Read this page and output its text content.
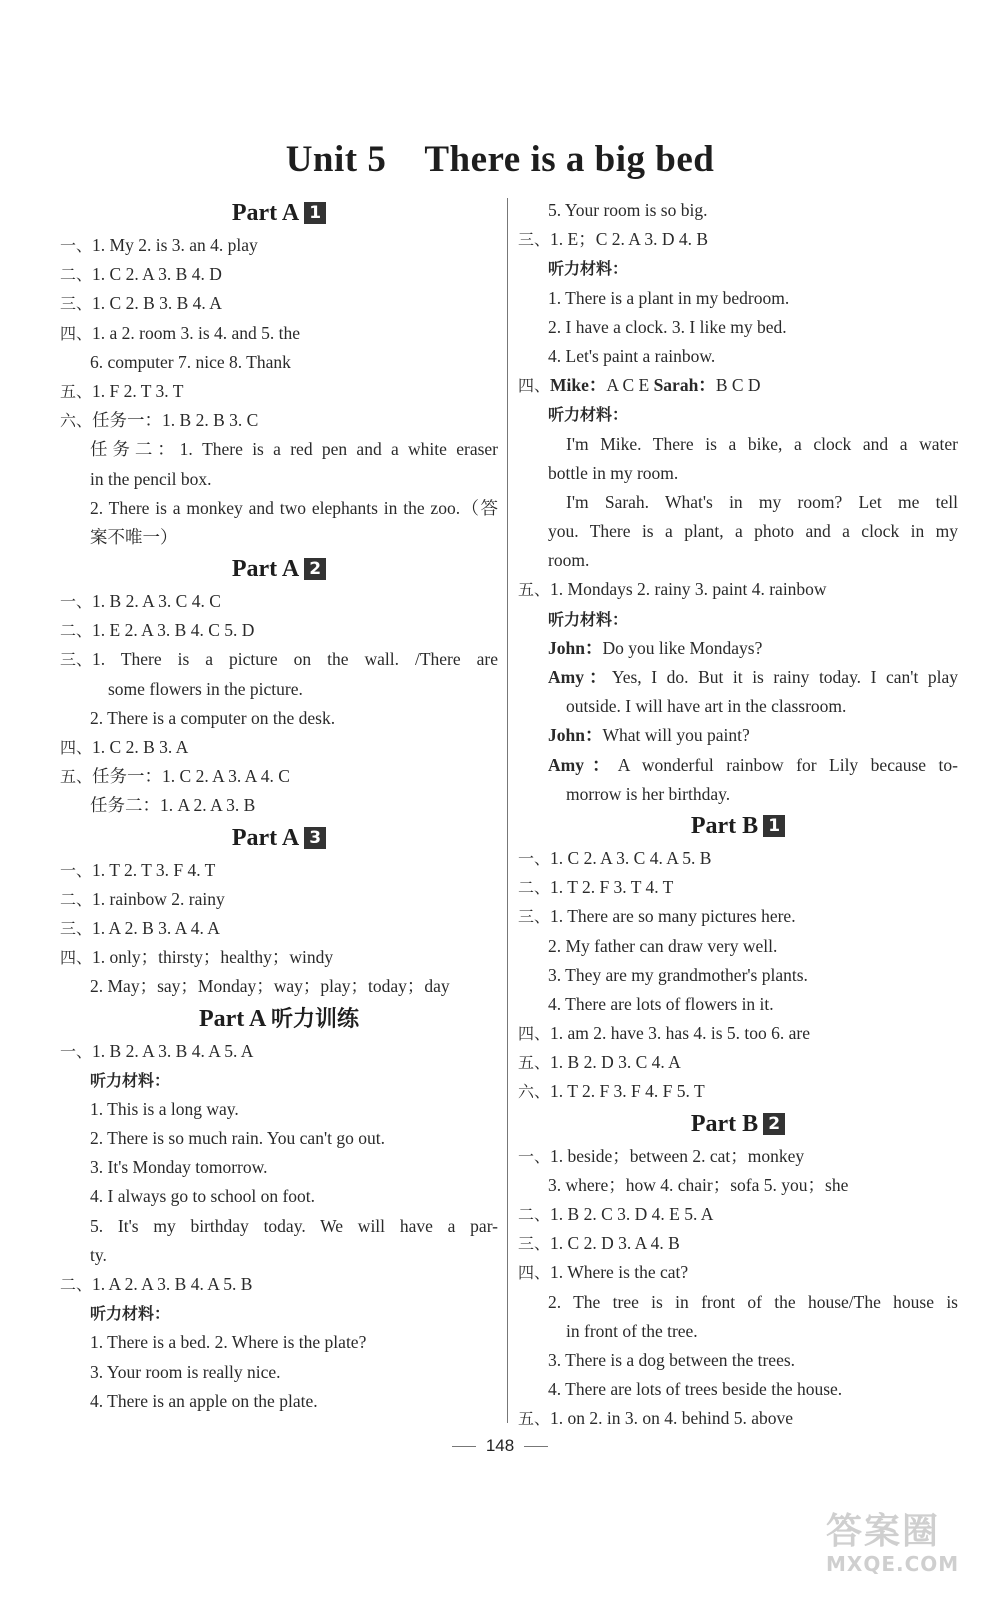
Unit 5 There is a big bed
Part A 1
一、1. My 2. is 3. an 4. play
二、1. C 2. A 3. B 4. D
三、1. C 2. B 3. B 4. A
四、1. a 2. room 3. is 4. and 5. the
6. computer 7. nice 8. Thank
五、1. F 2. T 3. T
六、任务一：1. B 2. B 3. C
任务二：1. There is a red pen and a white eraser
in the pencil box.
2. There is a monkey and two elephants in the zoo.（答
案不唯一）
Part A 2
一、1. B 2. A 3. C 4. C
二、1. E 2. A 3. B 4. C 5. D
三、1. There is a picture on the wall. /There are
some flowers in the picture.
2. There is a computer on the desk.
四、1. C 2. B 3. A
五、任务一：1. C 2. A 3. A 4. C
任务二：1. A 2. A 3. B
Part A 3
一、1. T 2. T 3. F 4. T
二、1. rainbow 2. rainy
三、1. A 2. B 3. A 4. A
四、1. only；thirsty；healthy；windy
2. May；say；Monday；way；play；today；day
Part A 听力训练
一、1. B 2. A 3. B 4. A 5. A
听力材料：
1. This is a long way.
2. There is so much rain. You can't go out.
3. It's Monday tomorrow.
4. I always go to school on foot.
5. It's my birthday today. We will have a par-
ty.
二、1. A 2. A 3. B 4. A 5. B
听力材料：
1. There is a bed. 2. Where is the plate?
3. Your room is really nice.
4. There is an apple on the plate.
5. Your room is so big.
三、1. E；C 2. A 3. D 4. B
听力材料：
1. There is a plant in my bedroom.
2. I have a clock. 3. I like my bed.
4. Let's paint a rainbow.
四、Mike：A C E Sarah：B C D
听力材料：
I'm Mike. There is a bike, a clock and a water
bottle in my room.
I'm Sarah. What's in my room? Let me tell
you. There is a plant, a photo and a clock in my
room.
五、1. Mondays 2. rainy 3. paint 4. rainbow
听力材料：
John：Do you like Mondays?
Amy：Yes, I do. But it is rainy today. I can't play
outside. I will have art in the classroom.
John：What will you paint?
Amy：A wonderful rainbow for Lily because to-
morrow is her birthday.
Part B 1
一、1. C 2. A 3. C 4. A 5. B
二、1. T 2. F 3. T 4. T
三、1. There are so many pictures here.
2. My father can draw very well.
3. They are my grandmother's plants.
4. There are lots of flowers in it.
四、1. am 2. have 3. has 4. is 5. too 6. are
五、1. B 2. D 3. C 4. A
六、1. T 2. F 3. F 4. F 5. T
Part B 2
一、1. beside；between 2. cat；monkey
3. where；how 4. chair；sofa 5. you；she
二、1. B 2. C 3. D 4. E 5. A
三、1. C 2. D 3. A 4. B
四、1. Where is the cat?
2. The tree is in front of the house/The house is
in front of the tree.
3. There is a dog between the trees.
4. There are lots of trees beside the house.
五、1. on 2. in 3. on 4. behind 5. above
148
答案圈
MXQE.COM
